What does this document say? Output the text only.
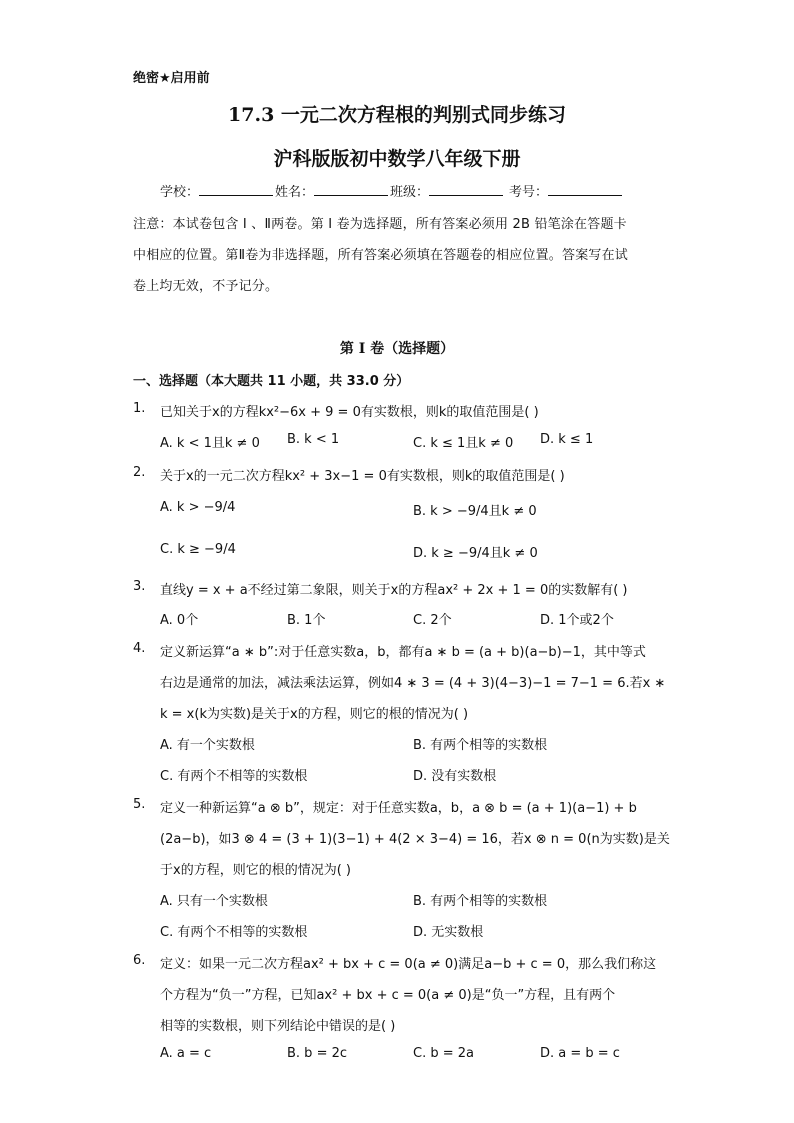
绝密★启用前
17.3 一元二次方程根的判别式同步练习
沪科版版初中数学八年级下册
学校：	姓名：	班级：	考号：
注意：本试卷包含 Ⅰ 、Ⅱ两卷。第 Ⅰ 卷为选择题，所有答案必须用 2B 铅笔涂在答题卡
中相应的位置。第Ⅱ卷为非选择题，所有答案必须填在答题卷的相应位置。答案写在试
卷上均无效，不予记分。
第 I 卷（选择题）
一、选择题（本大题共 11 小题，共 33.0 分）
1. 已知关于x的方程kx²−6x + 9 = 0有实数根，则k的取值范围是( )
A. k < 1且k ≠ 0 B. k < 1	C. k ≤ 1且k ≠ 0 D. k ≤ 1
2. 关于x的一元二次方程kx² + 3x−1 = 0有实数根，则k的取值范围是( )
A. k > −9/4	B. k > −9/4且k ≠ 0
C. k ≥ −9/4	D. k ≥ −9/4且k ≠ 0
3. 直线y = x + a不经过第二象限，则关于x的方程ax² + 2x + 1 = 0的实数解有( )
A. 0个	B. 1个	C. 2个	D. 1个或2个
4. 定义新运算“a ∗ b”:对于任意实数a，b，都有a ∗ b = (a + b)(a−b)−1，其中等式
右边是通常的加法，减法乘法运算，例如4 ∗ 3 = (4 + 3)(4−3)−1 = 7−1 = 6.若x ∗
k = x(k为实数)是关于x的方程，则它的根的情况为( )
A. 有一个实数根	B. 有两个相等的实数根
C. 有两个不相等的实数根	D. 没有实数根
5. 定义一种新运算“a ⊗ b”，规定：对于任意实数a，b，a ⊗ b = (a + 1)(a−1) + b
(2a−b)，如3 ⊗ 4 = (3 + 1)(3−1) + 4(2 × 3−4) = 16，若x ⊗ n = 0(n为实数)是关
于x的方程，则它的根的情况为( )
A. 只有一个实数根	B. 有两个相等的实数根
C. 有两个不相等的实数根	D. 无实数根
6. 定义：如果一元二次方程ax² + bx + c = 0(a ≠ 0)满足a−b + c = 0，那么我们称这
个方程为“负一”方程，已知ax² + bx + c = 0(a ≠ 0)是“负一”方程，且有两个
相等的实数根，则下列结论中错误的是( )
A. a = c	B. b = 2c	C. b = 2a	D. a = b = c
